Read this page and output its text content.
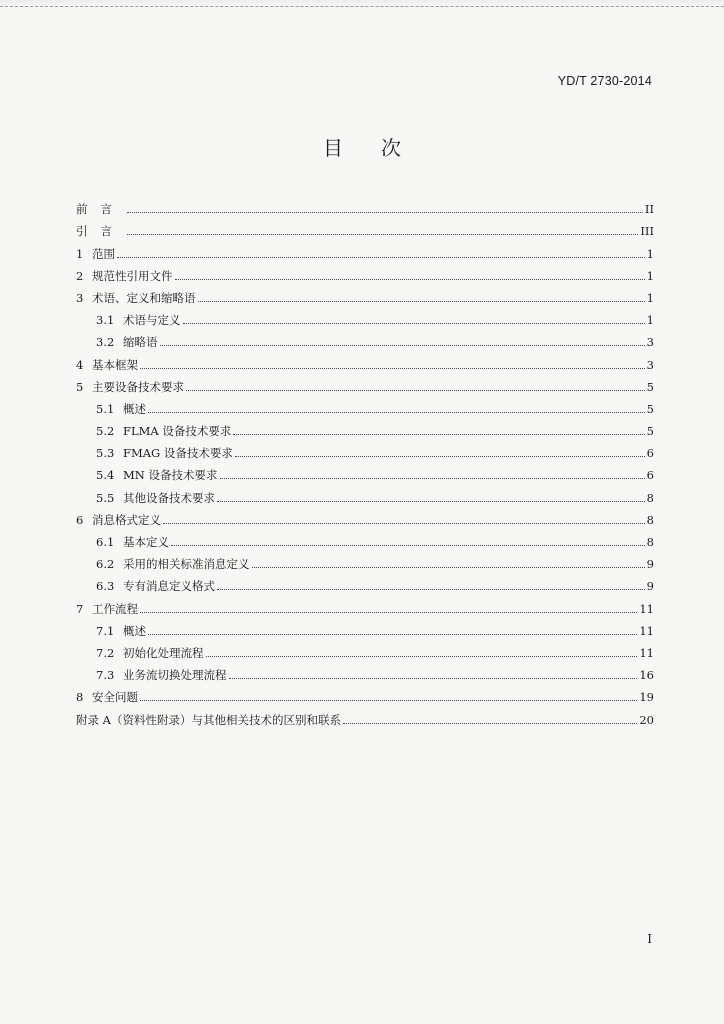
YD/T 2730-2014
目 次
前言	II
引言	III
1 范围	1
2 规范性引用文件	1
3 术语、定义和缩略语	1
3.1 术语与定义	1
3.2 缩略语	3
4 基本框架	3
5 主要设备技术要求	5
5.1 概述	5
5.2 FLMA 设备技术要求	5
5.3 FMAG 设备技术要求	6
5.4 MN 设备技术要求	6
5.5 其他设备技术要求	8
6 消息格式定义	8
6.1 基本定义	8
6.2 采用的相关标准消息定义	9
6.3 专有消息定义格式	9
7 工作流程	11
7.1 概述	11
7.2 初始化处理流程	11
7.3 业务流切换处理流程	16
8 安全问题	19
附录 A（资料性附录）与其他相关技术的区别和联系	20
I
